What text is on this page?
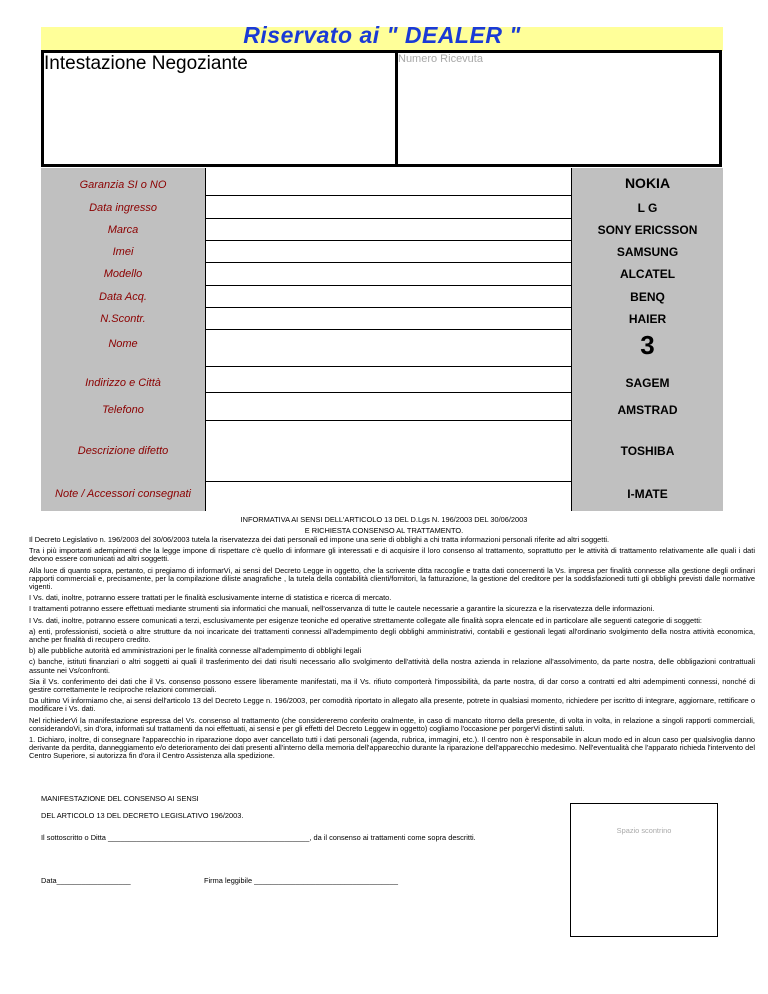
Riservato ai " DEALER "
Intestazione Negoziante	Numero Ricevuta
Garanzia SI o NO
Data ingresso
Marca
Imei
Modello
Data Acq.
N.Scontr.
Nome
Indirizzo e Città
Telefono
Descrizione difetto
Note / Accessori consegnati
NOKIA
L G
SONY ERICSSON
SAMSUNG
ALCATEL
BENQ
HAIER
3
SAGEM
AMSTRAD
TOSHIBA
I-MATE
INFORMATIVA AI SENSI DELL'ARTICOLO 13 DEL D.Lgs N. 196/2003 DEL 30/06/2003
E RICHIESTA CONSENSO AL TRATTAMENTO.

Il Decreto Legislativo n. 196/2003 del 30/06/2003 tutela la riservatezza dei dati personali ed impone una serie di obblighi a chi tratta informazioni personali riferite ad altri soggetti.

Tra i più importanti adempimenti che la legge impone di rispettare c'è quello di informare gli interessati e di acquisire il loro consenso al trattamento, soprattutto per le attività di trattamento relativamente alle quali i dati devono essere comunicati ad altri soggetti.

Alla luce di quanto sopra, pertanto, ci pregiamo di informarVi, ai sensi del Decreto Legge in oggetto, che la scrivente ditta raccoglie e tratta dati concernenti la Vs. impresa per finalità connesse alla gestione degli ordinari rapporti commerciali e, precisamente, per la compilazione diliste anagrafiche , la tutela della contabilità clienti/fornitori, la fatturazione, la gestione del creditore per la soddisfazionedi tutti gli obblighi previsti dalle normative vigenti.

I Vs. dati, inoltre, potranno essere trattati per le finalità esclusivamente interne di statistica e ricerca di mercato.

I trattamenti potranno essere effettuati mediante strumenti sia informatici che manuali, nell'osservanza di tutte le cautele necessarie a garantire la sicurezza e la riservatezza delle informazioni.

I Vs. dati, inoltre, potranno essere comunicati a terzi, esclusivamente per esigenze teoniche ed operative strettamente collegate alle finalità sopra elencate ed in particolare alle seguenti categorie di soggetti:

a) enti, professionisti, società o altre strutture da noi incaricate dei trattamenti connessi all'adempimento degli obblighi amministrativi, contabili e gestionali legati all'ordinario svolgimento della nostra attività economica, anche per finalità di recupero credito.

b) alle pubbliche autorità ed amministrazioni per le finalità connesse all'adempimento di obblighi legali

c) banche, istituti finanziari o altri soggetti ai quali il trasferimento dei dati risulti necessario allo svolgimento dell'attività della nostra azienda in relazione all'assolvimento, da parte nostra, delle obbligazioni contrattuali assunte nei Vs/confronti.

Sia il Vs. conferimento dei dati che il Vs. consenso possono essere liberamente manifestati, ma il Vs. rifiuto comporterà l'impossibilità, da parte nostra, di dar corso a contratti ed altri adempimenti connessi, nonché di gestire correttamente le reciproche relazioni commerciali.

Da ultimo Vi informiamo che, ai sensi dell'articolo 13 del Decreto Legge n. 196/2003, per comodità riportato in allegato alla presente, potrete in qualsiasi momento, richiedere per iscritto di integrare, aggiornare, rettificare o modificare i Vs. dati.

Nel richiederVi la manifestazione espressa del Vs. consenso al trattamento (che considereremo conferito oralmente, in caso di mancato ritorno della presente, di volta in volta, in relazione a singoli rapporti commerciali, considerandoVi, sin d'ora, informati sul trattamenti da noi effettuati, ai sensi e per gli effetti del Decreto Leggew in oggetto) cogliamo l'occasione per porgerVi distinti saluti.

1. Dichiaro, inoltre, di consegnare l'apparecchio in riparazione dopo aver cancellato tutti i dati personali (agenda, rubrica, immagini, etc.). Il centro non è responsabile in alcun modo ed in alcun caso per qualsivoglia danno derivante da perdita, danneggiamento e/o deterioramento dei dati presenti all'interno della memoria dell'apparecchio durante la riparazione dell'apparecchio medesimo. Nell'eventualità che l'apparato richieda l'intervento del Centro Superiore, si autorizza fin d'ora il Centro Assistenza alla spedizione.

MANIFESTAZIONE DEL CONSENSO AI SENSI
DEL ARTICOLO 13 DEL DECRETO LEGISLATIVO 196/2003.
Il sottoscritto o Ditta _________________________________________________, da il consenso ai trattamenti come sopra descritti.
Data__________________	Firma leggibile ___________________________________
Spazio scontrino
